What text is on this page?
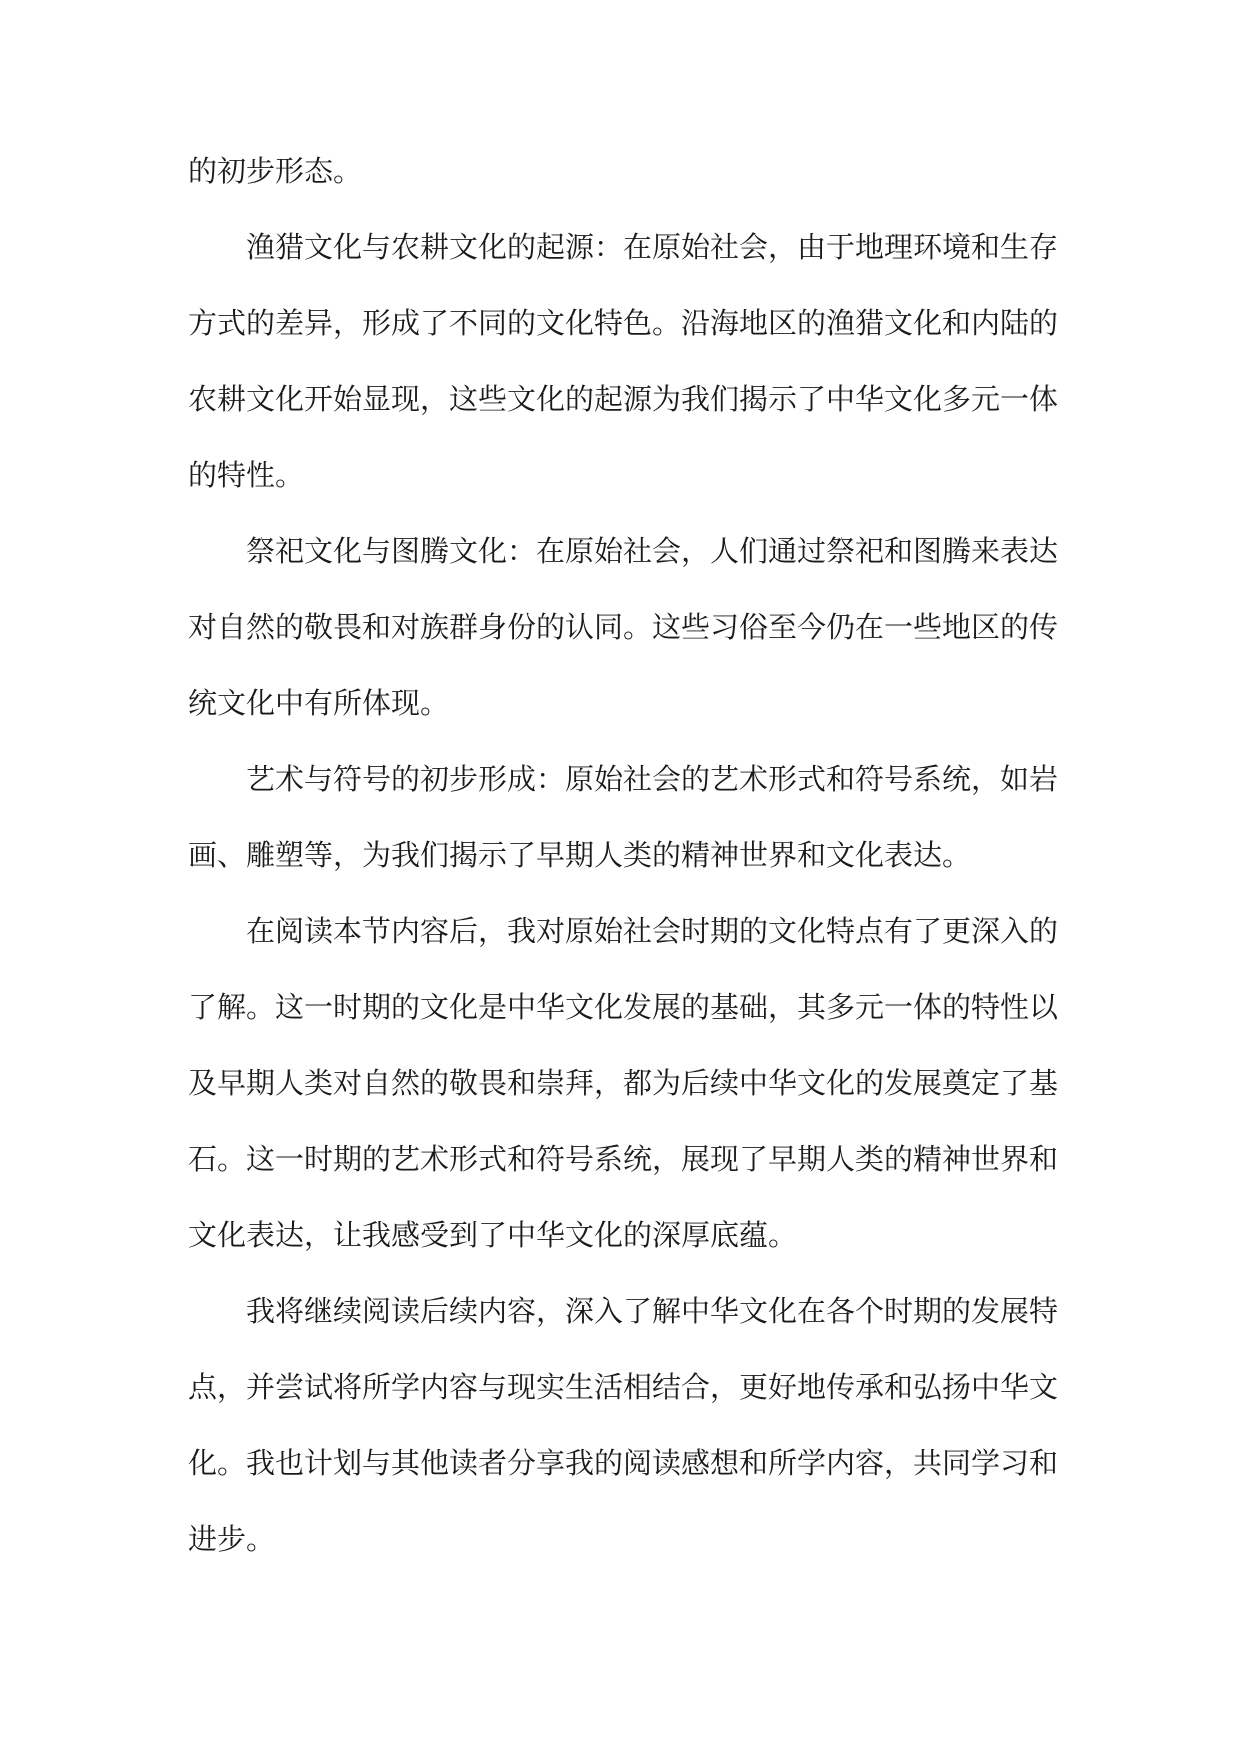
的初步形态。

渔猎文化与农耕文化的起源：在原始社会，由于地理环境和生存方式的差异，形成了不同的文化特色。沿海地区的渔猎文化和内陆的农耕文化开始显现，这些文化的起源为我们揭示了中华文化多元一体的特性。

祭祀文化与图腾文化：在原始社会，人们通过祭祀和图腾来表达对自然的敬畏和对族群身份的认同。这些习俗至今仍在一些地区的传统文化中有所体现。

艺术与符号的初步形成：原始社会的艺术形式和符号系统，如岩画、雕塑等，为我们揭示了早期人类的精神世界和文化表达。

在阅读本节内容后，我对原始社会时期的文化特点有了更深入的了解。这一时期的文化是中华文化发展的基础，其多元一体的特性以及早期人类对自然的敬畏和崇拜，都为后续中华文化的发展奠定了基石。这一时期的艺术形式和符号系统，展现了早期人类的精神世界和文化表达，让我感受到了中华文化的深厚底蕴。

我将继续阅读后续内容，深入了解中华文化在各个时期的发展特点，并尝试将所学内容与现实生活相结合，更好地传承和弘扬中华文化。我也计划与其他读者分享我的阅读感想和所学内容，共同学习和进步。
